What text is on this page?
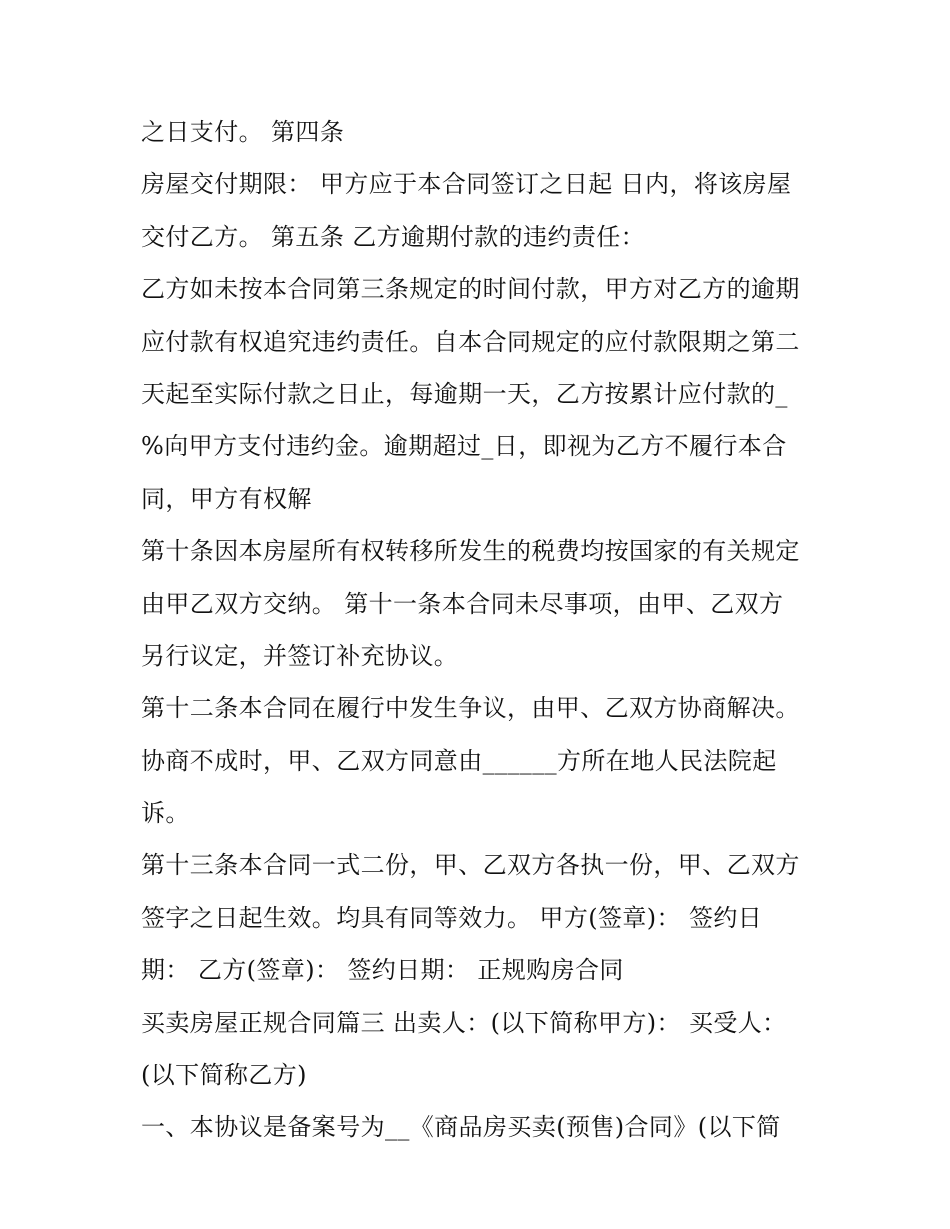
之日支付。 第四条
房屋交付期限： 甲方应于本合同签订之日起 日内，将该房屋
交付乙方。 第五条 乙方逾期付款的违约责任：
乙方如未按本合同第三条规定的时间付款，甲方对乙方的逾期
应付款有权追究违约责任。自本合同规定的应付款限期之第二
天起至实际付款之日止，每逾期一天，乙方按累计应付款的_
%向甲方支付违约金。逾期超过_日，即视为乙方不履行本合
同，甲方有权解
第十条因本房屋所有权转移所发生的税费均按国家的有关规定
由甲乙双方交纳。 第十一条本合同未尽事项，由甲、乙双方
另行议定，并签订补充协议。
第十二条本合同在履行中发生争议，由甲、乙双方协商解决。
协商不成时，甲、乙双方同意由______方所在地人民法院起
诉。
第十三条本合同一式二份，甲、乙双方各执一份，甲、乙双方
签字之日起生效。均具有同等效力。 甲方(签章)： 签约日
期： 乙方(签章)： 签约日期： 正规购房合同
买卖房屋正规合同篇三 出卖人：(以下简称甲方)： 买受人：
(以下简称乙方)
一、本协议是备案号为__《商品房买卖(预售)合同》(以下简
